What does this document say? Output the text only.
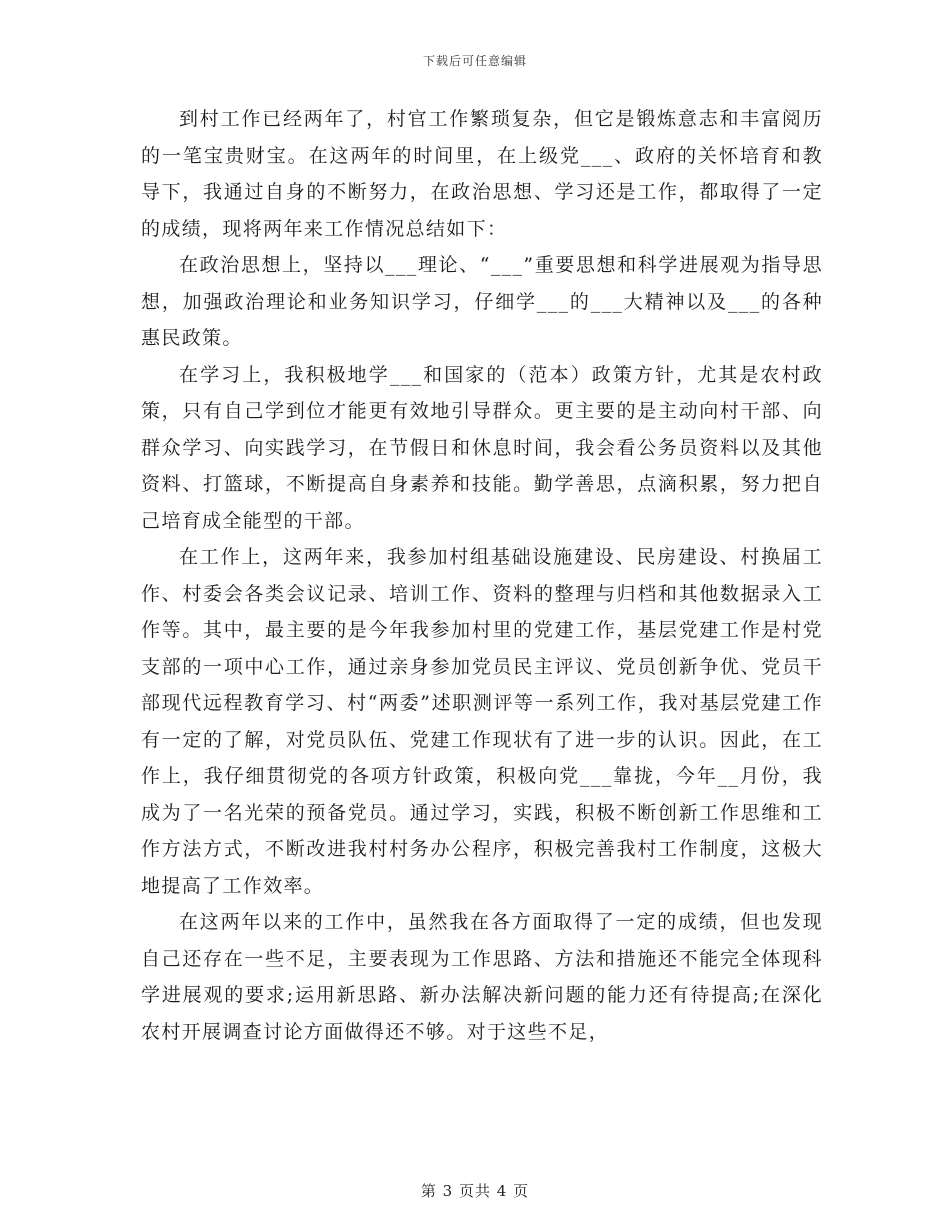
下载后可任意编辑

到村工作已经两年了，村官工作繁琐复杂，但它是锻炼意志和丰富阅历的一笔宝贵财宝。在这两年的时间里，在上级党___、政府的关怀培育和教导下，我通过自身的不断努力，在政治思想、学习还是工作，都取得了一定的成绩，现将两年来工作情况总结如下：

在政治思想上，坚持以___理论、“___”重要思想和科学进展观为指导思想，加强政治理论和业务知识学习，仔细学___的___大精神以及___的各种惠民政策。

在学习上，我积极地学___和国家的（范本）政策方针，尤其是农村政策，只有自己学到位才能更有效地引导群众。更主要的是主动向村干部、向群众学习、向实践学习，在节假日和休息时间，我会看公务员资料以及其他资料、打篮球，不断提高自身素养和技能。勤学善思，点滴积累，努力把自己培育成全能型的干部。

在工作上，这两年来，我参加村组基础设施建设、民房建设、村换届工作、村委会各类会议记录、培训工作、资料的整理与归档和其他数据录入工作等。其中，最主要的是今年我参加村里的党建工作，基层党建工作是村党支部的一项中心工作，通过亲身参加党员民主评议、党员创新争优、党员干部现代远程教育学习、村“两委”述职测评等一系列工作，我对基层党建工作有一定的了解，对党员队伍、党建工作现状有了进一步的认识。因此，在工作上，我仔细贯彻党的各项方针政策，积极向党___靠拢，今年__月份，我成为了一名光荣的预备党员。通过学习，实践，积极不断创新工作思维和工作方法方式，不断改进我村村务办公程序，积极完善我村工作制度，这极大地提高了工作效率。

在这两年以来的工作中，虽然我在各方面取得了一定的成绩，但也发现自己还存在一些不足，主要表现为工作思路、方法和措施还不能完全体现科学进展观的要求;运用新思路、新办法解决新问题的能力还有待提高;在深化农村开展调查讨论方面做得还不够。对于这些不足，

第 3 页共 4 页
